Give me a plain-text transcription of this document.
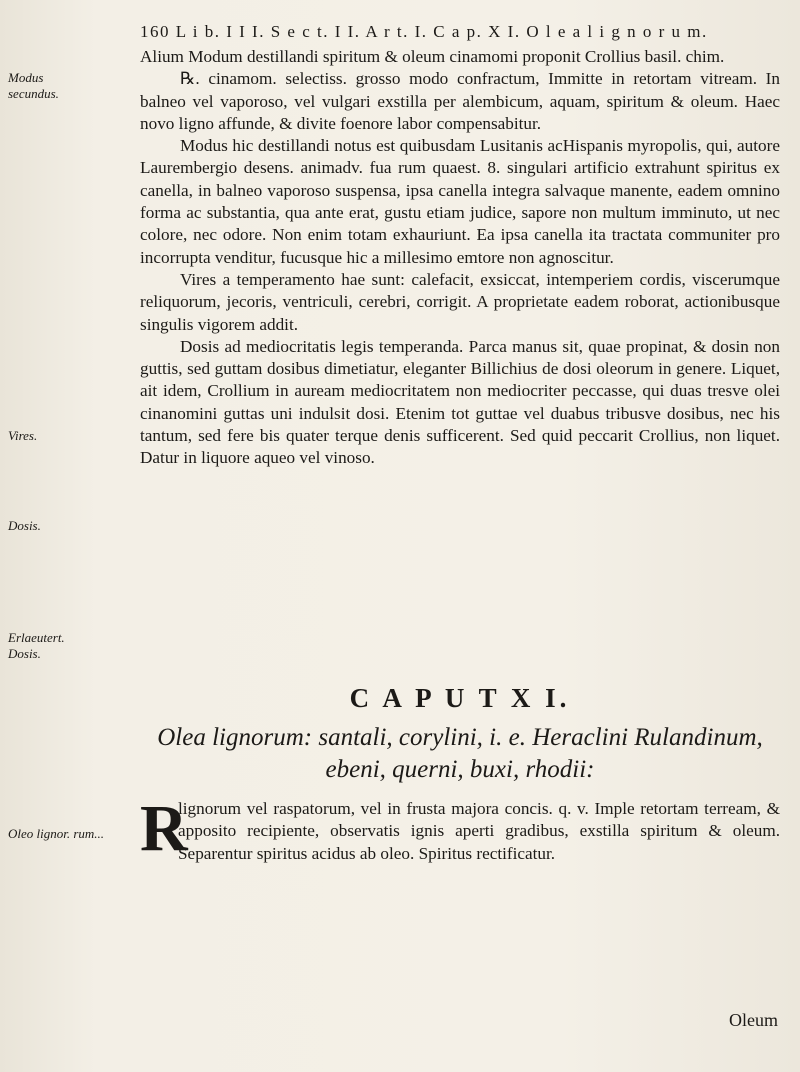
160 L i b. I I I. S e c t. I I. A r t. I. C a p. X I. O l e a l i g n o r u m.
Modus
secundus.
Vires.
Dosis.
Erlaeutert.
Dosis.
Oleo lignor. rum...

Alium Modum destillandi spiritum & oleum cinamomi proponit Crollius basil. chim.

℞. cinamom. selectiss. grosso modo confractum, Immitte in retortam vitream. In balneo vel vaporoso, vel vulgari exstilla per alembicum, aquam, spiritum & oleum. Haec novo ligno affunde, & divite foenore labor compensabitur.

Modus hic destillandi notus est quibusdam Lusitanis acHispanis myropolis, qui, autore Laurembergio desens. animadv. fua rum quaest. 8. singulari artificio extrahunt spiritus ex canella, in balneo vaporoso suspensa, ipsa canella integra salvaque manente, eadem omnino forma ac substantia, qua ante erat, gustu etiam judice, sapore non multum imminuto, ut nec colore, nec odore. Non enim totam exhauriunt. Ea ipsa canella ita tractata communiter pro incorrupta venditur, fucusque hic a millesimo emtore non agnoscitur.

Vires a temperamento hae sunt: calefacit, exsiccat, intemperiem cordis, viscerumque reliquorum, jecoris, ventriculi, cerebri, corrigit. A proprietate eadem roborat, actionibusque singulis vigorem addit.

Dosis ad mediocritatis legis temperanda. Parca manus sit, quae propinat, & dosin non guttis, sed guttam dosibus dimetiatur, eleganter Billichius de dosi oleorum in genere. Liquet, ait idem, Crollium in auream mediocritatem non mediocriter peccasse, qui duas tresve olei cinanomini guttas uni indulsit dosi. Etenim tot guttae vel duabus tribusve dosibus, nec his tantum, sed fere bis quater terque denis sufficerent. Sed quid peccarit Crollius, non liquet. Datur in liquore aqueo vel vinoso.

C A P U T X I.
Olea lignorum: santali, corylini, i. e. Heraclini Rulandinum, ebeni, querni, buxi, rhodii:
R
lignorum vel raspatorum, vel in frusta majora concis. q. v. Imple retortam terream, & apposito recipiente, observatis ignis aperti gradibus, exstilla spiritum & oleum. Separentur spiritus acidus ab oleo. Spiritus rectificatur.
Oleum
